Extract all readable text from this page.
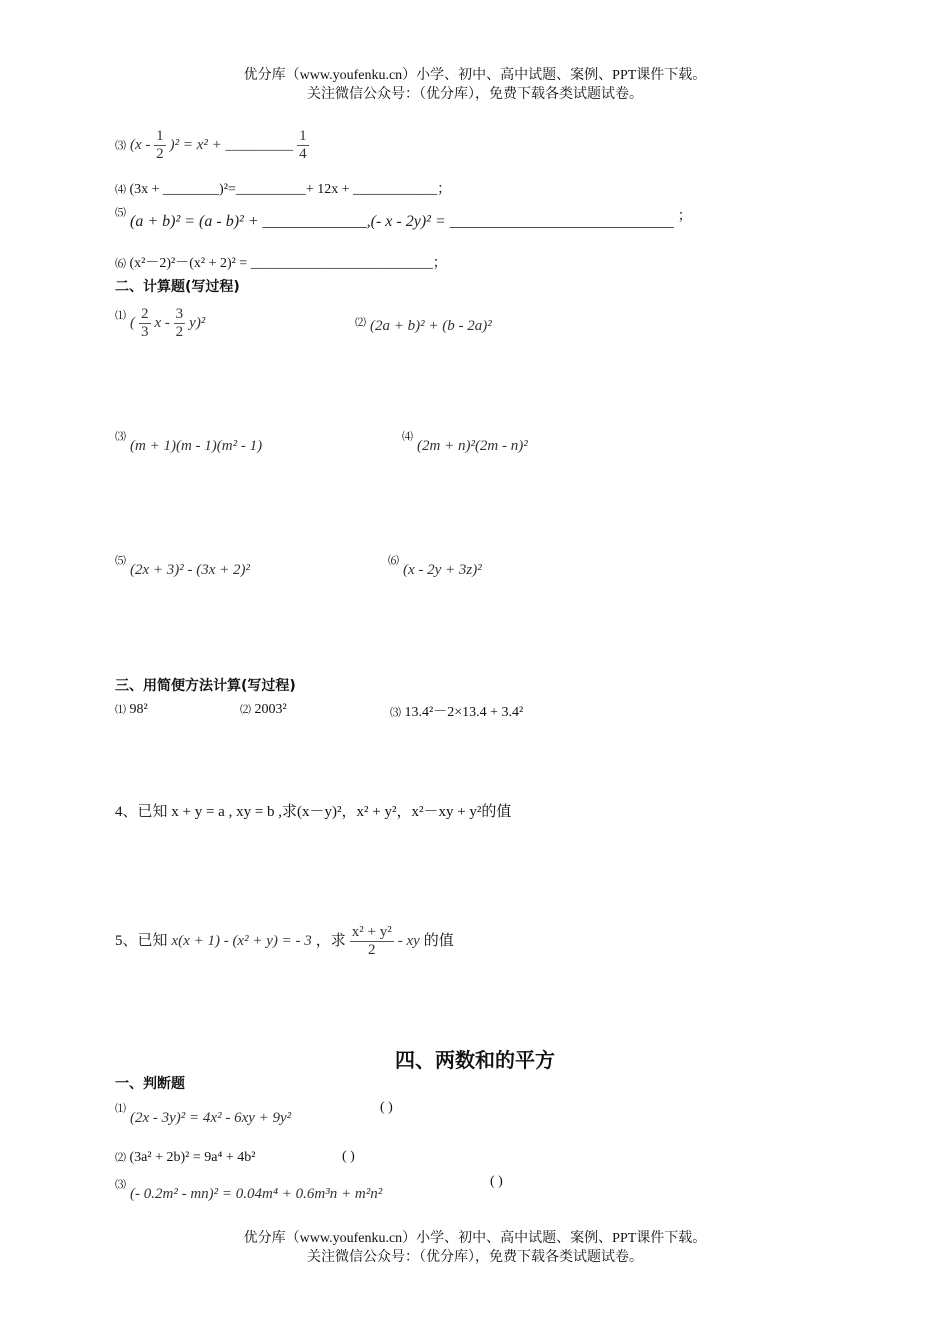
优分库（www.youfenku.cn）小学、初中、高中试题、案例、PPT课件下载。
关注微信公众号：（优分库），免费下载各类试题试卷。
⑶ $(x - \frac{1}{2} )^2 = x^2$ + _________ $\frac{1}{4}$
⑷ (3x + ________)²=__________+ 12x + ____________；
⑸ (a + b)² = (a - b)² + _____________,(- x - 2y)² = ____________________________ ；
⑹ (x²－2)²－(x² + 2)² = __________________________；
二、计算题(写过程)
⑴ ( $\frac{2}{3}$ x - $\frac{3}{2} y)^2$	⑵ (2a + b)² + (b - 2a)²
⑶ (m + 1)(m - 1)(m² - 1)
⑷ (2m + n)²(2m - n)²
⑸ (2x + 3)² - (3x + 2)²
⑹ (x - 2y + 3z)²
三、用简便方法计算(写过程)
⑴ 98²	⑵ 2003²	⑶ 13.4²－2×13.4 + 3.4²
4、已知 x + y = a , xy = b ,求(x－y)²，x² + y²，x²－xy + y²的值
5、已知 x(x + 1) - (x² + y) = - 3 ，求 $\frac{\text{x² + y²}}{2}$ - xy 的值
四、两数和的平方
一、判断题
⑴ (2x - 3y)² = 4x² - 6xy + 9y²
( )
⑵ (3a² + 2b)² = 9a⁴ + 4b²	( )
⑶ (- 0.2m² - mn)² = 0.04m⁴ + 0.6m³n + m²n²
( )
优分库（www.youfenku.cn）小学、初中、高中试题、案例、PPT课件下载。
关注微信公众号：（优分库），免费下载各类试题试卷。
